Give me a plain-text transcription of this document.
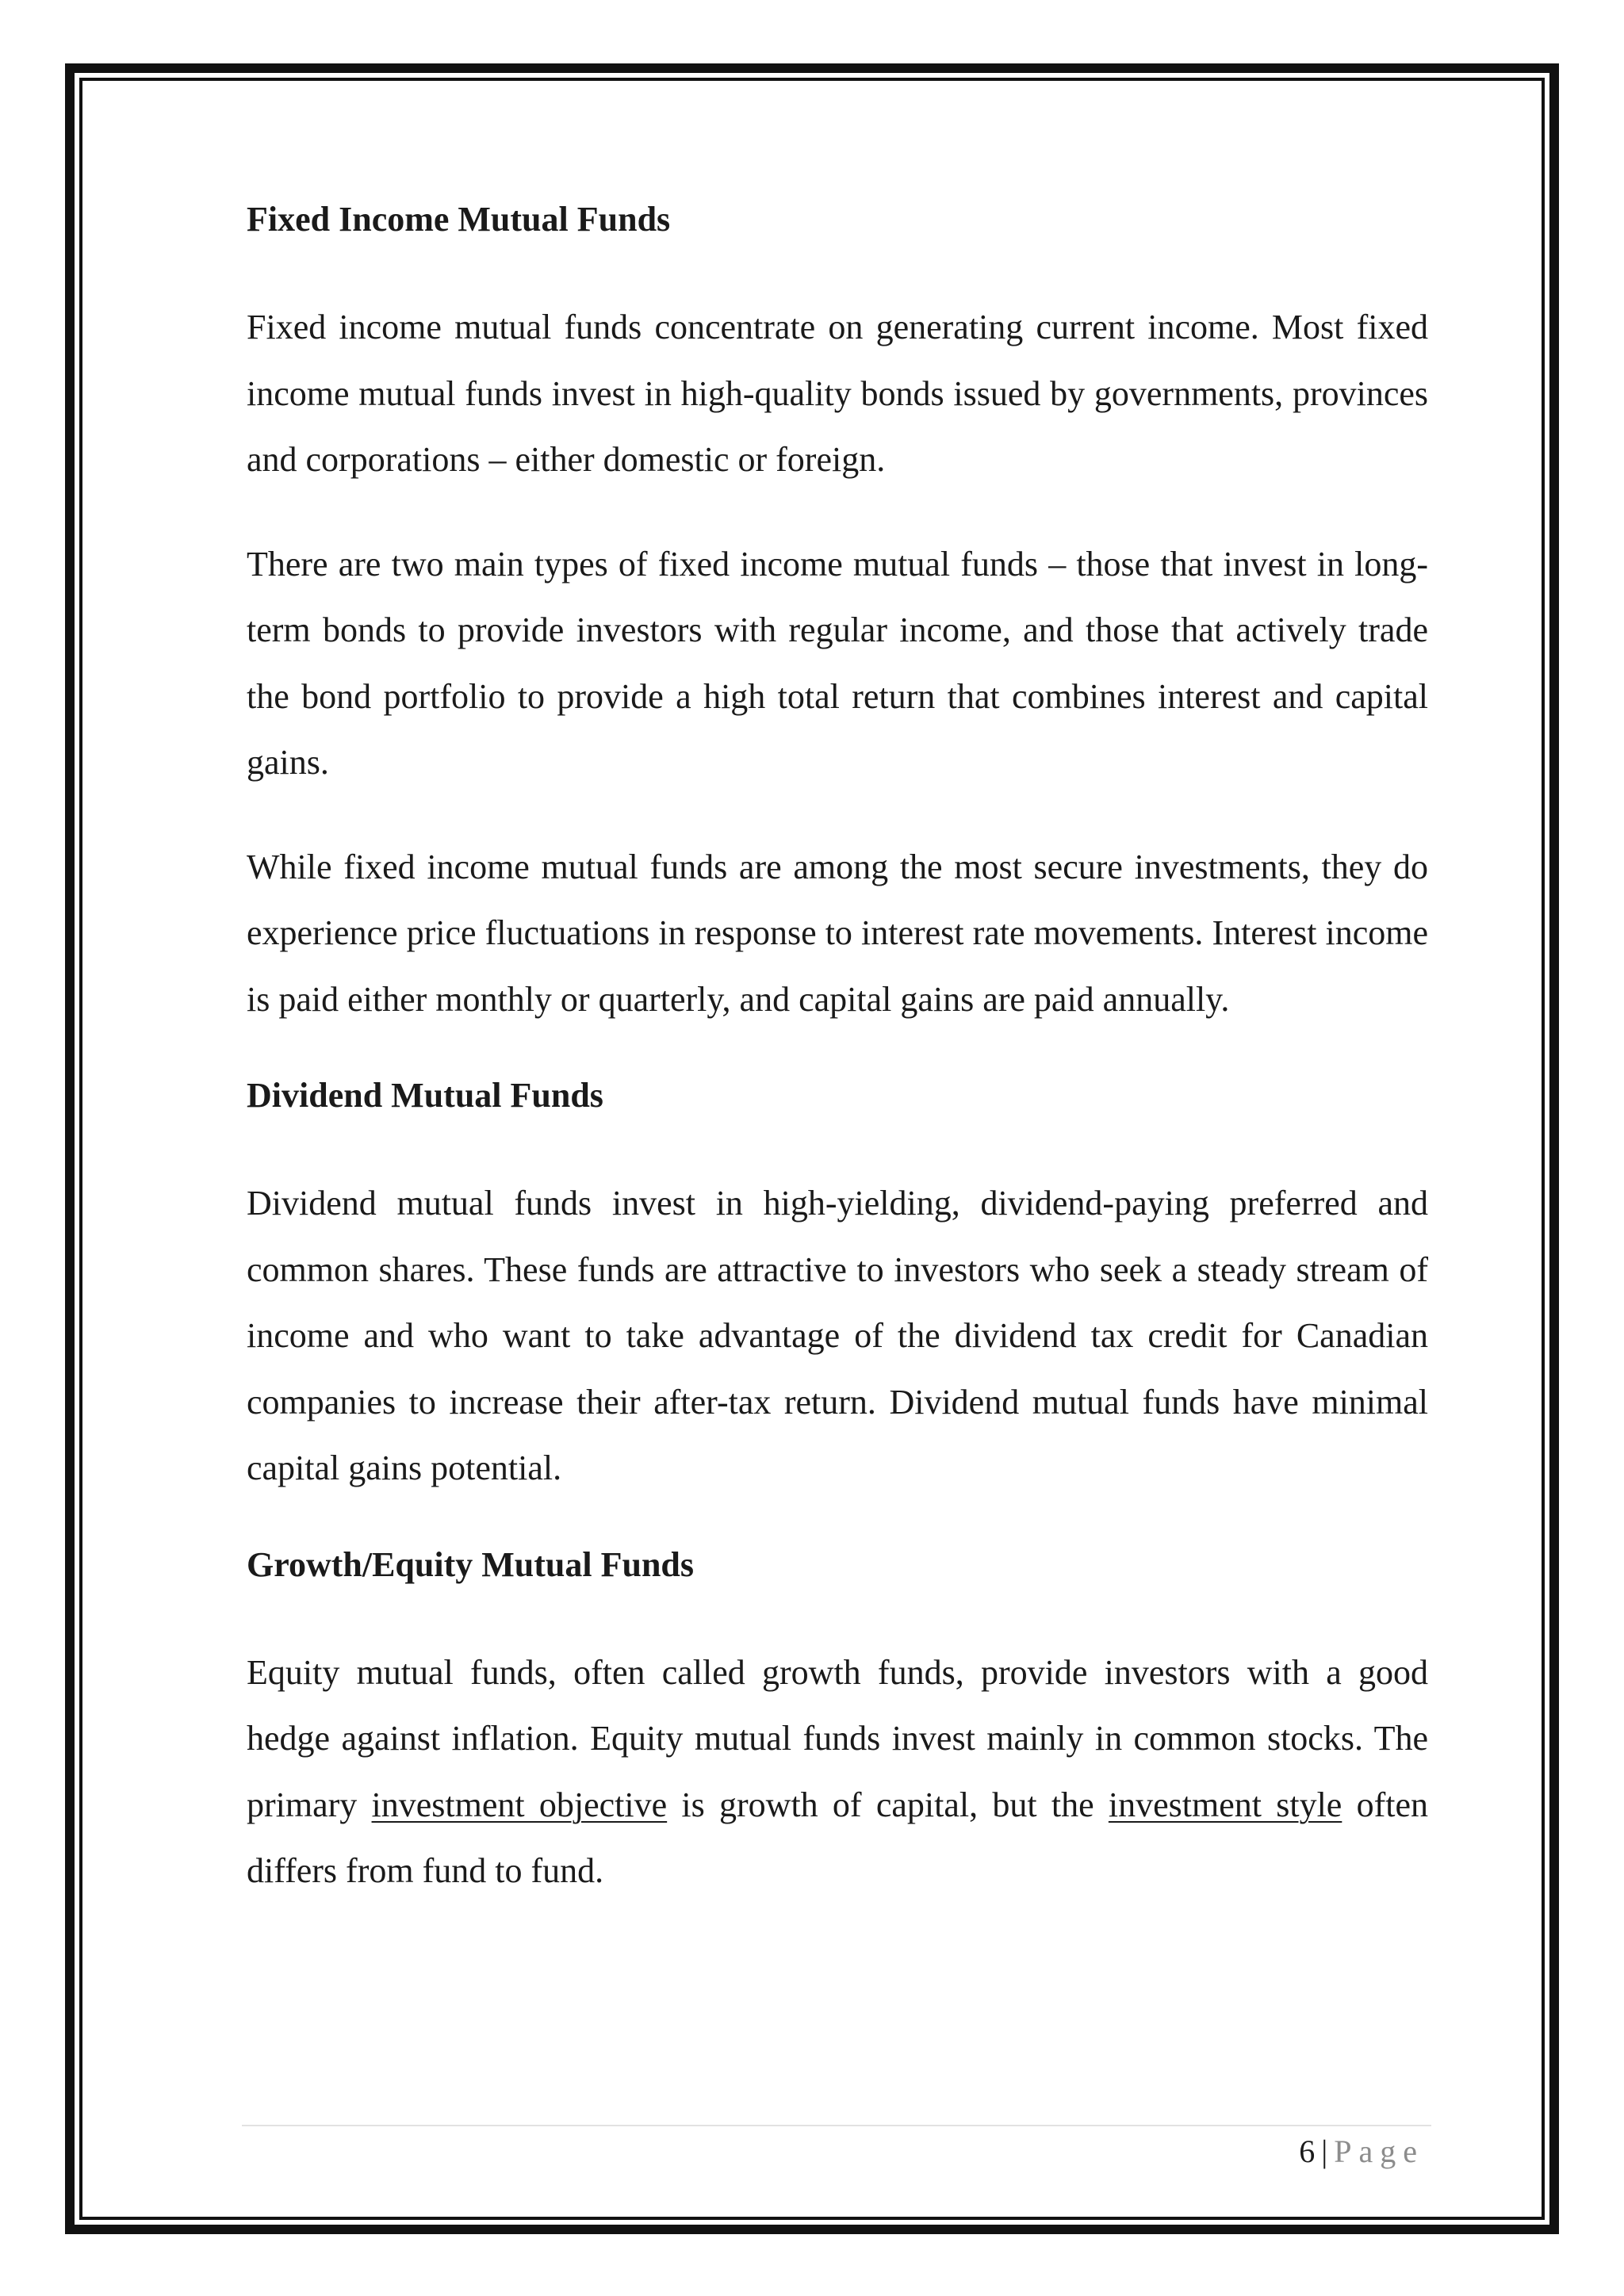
Fixed Income Mutual Funds

Fixed income mutual funds concentrate on generating current income. Most fixed income mutual funds invest in high-quality bonds issued by governments, provinces and corporations – either domestic or foreign.

There are two main types of fixed income mutual funds – those that invest in long-term bonds to provide investors with regular income, and those that actively trade the bond portfolio to provide a high total return that combines interest and capital gains.

While fixed income mutual funds are among the most secure investments, they do experience price fluctuations in response to interest rate movements. Interest income is paid either monthly or quarterly, and capital gains are paid annually.

Dividend Mutual Funds

Dividend mutual funds invest in high-yielding, dividend-paying preferred and common shares. These funds are attractive to investors who seek a steady stream of income and who want to take advantage of the dividend tax credit for Canadian companies to increase their after-tax return. Dividend mutual funds have minimal capital gains potential.

Growth/Equity Mutual Funds

Equity mutual funds, often called growth funds, provide investors with a good hedge against inflation. Equity mutual funds invest mainly in common stocks. The primary investment objective is growth of capital, but the investment style often differs from fund to fund.

6 | Page
